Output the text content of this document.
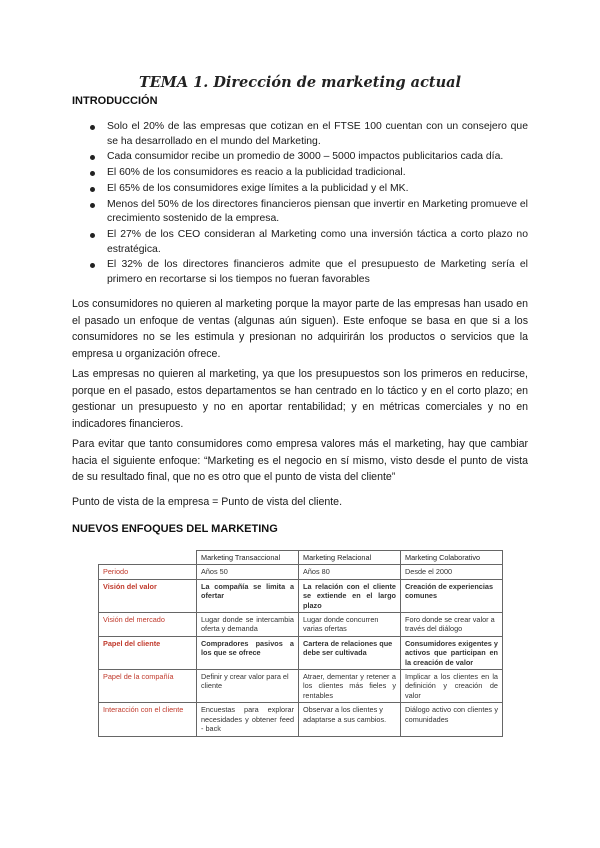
TEMA 1. Dirección de marketing actual
INTRODUCCIÓN
Solo el 20% de las empresas que cotizan en el FTSE 100 cuentan con un consejero que se ha desarrollado en el mundo del Marketing.
Cada consumidor recibe un promedio de 3000 – 5000 impactos publicitarios cada día.
El 60% de los consumidores es reacio a la publicidad tradicional.
El 65% de los consumidores exige límites a la publicidad y el MK.
Menos del 50% de los directores financieros piensan que invertir en Marketing promueve el crecimiento sostenido de la empresa.
El 27% de los CEO consideran al Marketing como una inversión táctica a corto plazo no estratégica.
El 32% de los directores financieros admite que el presupuesto de Marketing sería el primero en recortarse si los tiempos no fueran favorables

Los consumidores no quieren al marketing porque la mayor parte de las empresas han usado en el pasado un enfoque de ventas (algunas aún siguen). Este enfoque se basa en que si a los consumidores no se les estimula y presionan no adquirirán los productos o servicios que la empresa u organización ofrece.

Las empresas no quieren al marketing, ya que los presupuestos son los primeros en reducirse, porque en el pasado, estos departamentos se han centrado en lo táctico y en el corto plazo; en gestionar un presupuesto y no en aportar rentabilidad; y en métricas comerciales y no en indicadores financieros.

Para evitar que tanto consumidores como empresa valores más el marketing, hay que cambiar hacia el siguiente enfoque: “Marketing es el negocio en sí mismo, visto desde el punto de vista de su resultado final, que no es otro que el punto de vista del cliente”

Punto de vista de la empresa = Punto de vista del cliente.

NUEVOS ENFOQUES DEL MARKETING
	Marketing Transaccional	Marketing Relacional	Marketing Colaborativo
Periodo	Años 50	Años 80	Desde el 2000
Visión del valor	La compañía se limita a ofertar	La relación con el cliente se extiende en el largo plazo	Creación de experiencias comunes
Visión del mercado	Lugar donde se intercambia oferta y demanda	Lugar donde concurren varias ofertas	Foro donde se crear valor a través del diálogo
Papel del cliente	Compradores pasivos a los que se ofrece	Cartera de relaciones que debe ser cultivada	Consumidores exigentes y activos que participan en la creación de valor
Papel de la compañía	Definir y crear valor para el cliente	Atraer, dementar y retener a los clientes más fieles y rentables	Implicar a los clientes en la definición y creación de valor
Interacción con el cliente	Encuestas para explorar necesidades y obtener feed - back	Observar a los clientes y adaptarse a sus cambios.	Diálogo activo con clientes y comunidades
